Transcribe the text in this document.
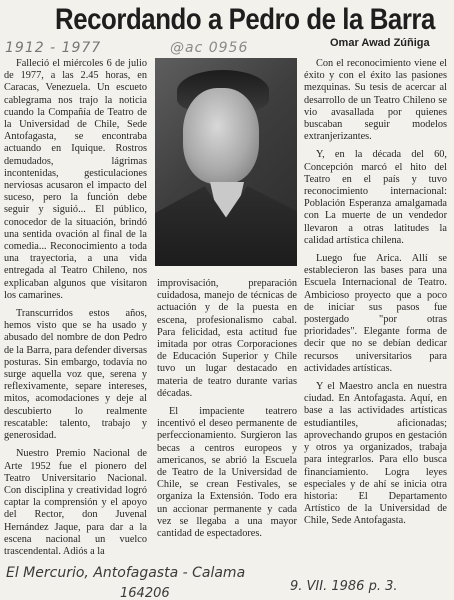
Recordando a Pedro de la Barra
Omar Awad Zúñiga
1912 - 1977	@ac 0956

Falleció el miércoles 6 de julio de 1977, a las 2.45 horas, en Caracas, Venezuela. Un escueto cablegrama nos trajo la noticia cuando la Compañía de Teatro de la Universidad de Chile, Sede Antofagasta, se encontraba actuando en Iquique. Rostros demudados, lágrimas incontenidas, gesticulaciones nerviosas acusaron el impacto del suceso, pero la función debe seguir y siguió... El público, conocedor de la situación, brindó una sentida ovación al final de la comedia... Reconocimiento a toda una trayectoria, a una vida entregada al Teatro Chileno, nos explicaban algunos que visitaron los camarines.

Transcurridos estos años, hemos visto que se ha usado y abusado del nombre de don Pedro de la Barra, para defender diversas posturas. Sin embargo, todavía no surge aquella voz que, serena y reflexivamente, separe intereses, mitos, acomodaciones y deje al descubierto lo realmente rescatable: talento, trabajo y generosidad.

Nuestro Premio Nacional de Arte 1952 fue el pionero del Teatro Universitario Nacional. Con disciplina y creatividad logró captar la comprensión y el apoyo del Rector, don Juvenal Hernández Jaque, para dar a la escena nacional un vuelco trascendental. Adiós a la

improvisación, preparación cuidadosa, manejo de técnicas de actuación y de la puesta en escena, profesionalismo cabal. Para felicidad, esta actitud fue imitada por otras Corporaciones de Educación Superior y Chile tuvo un lugar destacado en materia de teatro durante varias décadas.

El impaciente teatrero incentivó el deseo permanente de perfeccionamiento. Surgieron las becas a centros europeos y americanos, se abrió la Escuela de Teatro de la Universidad de Chile, se crean Festivales, se organiza la Extensión. Todo era un accionar permanente y cada vez se llegaba a una mayor cantidad de espectadores.

Con el reconocimiento viene el éxito y con el éxito las pasiones mezquinas. Su tesis de acercar al desarrollo de un Teatro Chileno se vio avasallada por quienes buscaban seguir modelos extranjerizantes.

Y, en la década del 60, Concepción marcó el hito del Teatro en el país y tuvo reconocimiento internacional: Población Esperanza amalgamada con La muerte de un vendedor llevaron a otras latitudes la calidad artística chilena.

Luego fue Arica. Allí se establecieron las bases para una Escuela Internacional de Teatro. Ambicioso proyecto que a poco de iniciar sus pasos fue postergado "por otras prioridades". Elegante forma de decir que no se debían dedicar recursos universitarios para actividades artísticas.

Y el Maestro ancla en nuestra ciudad. En Antofagasta. Aquí, en base a las actividades artísticas estudiantiles, aficionadas; aprovechando grupos en gestación y otros ya organizados, trabaja para integrarlos. Para ello busca financiamiento. Logra leyes especiales y de ahí se inicia otra historia: El Departamento Artístico de la Universidad de Chile, Sede Antofagasta.

El Mercurio, Antofagasta - Calama
9. VII. 1986 p. 3.
164206
